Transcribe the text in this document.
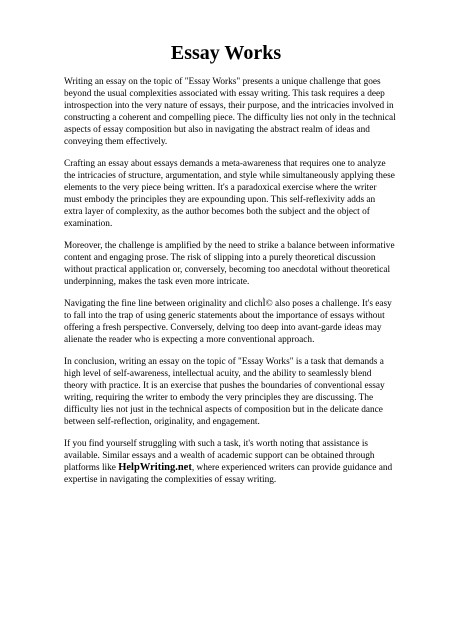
Essay Works

Writing an essay on the topic of "Essay Works" presents a unique challenge that goes beyond the usual complexities associated with essay writing. This task requires a deep introspection into the very nature of essays, their purpose, and the intricacies involved in constructing a coherent and compelling piece. The difficulty lies not only in the technical aspects of essay composition but also in navigating the abstract realm of ideas and conveying them effectively.

Crafting an essay about essays demands a meta-awareness that requires one to analyze the intricacies of structure, argumentation, and style while simultaneously applying these elements to the very piece being written. It's a paradoxical exercise where the writer must embody the principles they are expounding upon. This self-reflexivity adds an extra layer of complexity, as the author becomes both the subject and the object of examination.

Moreover, the challenge is amplified by the need to strike a balance between informative content and engaging prose. The risk of slipping into a purely theoretical discussion without practical application or, conversely, becoming too anecdotal without theoretical underpinning, makes the task even more intricate.

Navigating the fine line between originality and clichÌ© also poses a challenge. It's easy to fall into the trap of using generic statements about the importance of essays without offering a fresh perspective. Conversely, delving too deep into avant-garde ideas may alienate the reader who is expecting a more conventional approach.

In conclusion, writing an essay on the topic of "Essay Works" is a task that demands a high level of self-awareness, intellectual acuity, and the ability to seamlessly blend theory with practice. It is an exercise that pushes the boundaries of conventional essay writing, requiring the writer to embody the very principles they are discussing. The difficulty lies not just in the technical aspects of composition but in the delicate dance between self-reflection, originality, and engagement.

If you find yourself struggling with such a task, it's worth noting that assistance is available. Similar essays and a wealth of academic support can be obtained through platforms like HelpWriting.net, where experienced writers can provide guidance and expertise in navigating the complexities of essay writing.
